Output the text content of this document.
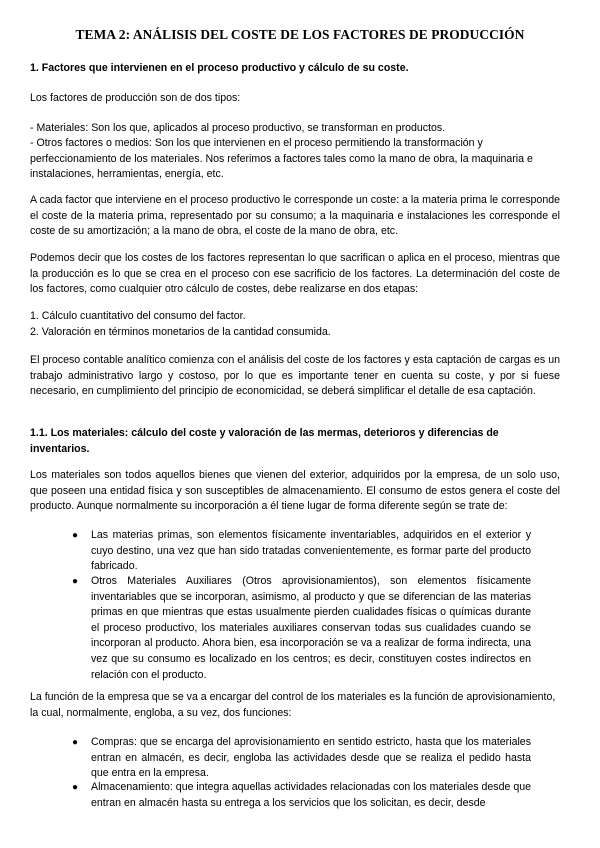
TEMA 2: ANÁLISIS DEL COSTE DE LOS FACTORES DE PRODUCCIÓN

1. Factores que intervienen en el proceso productivo y cálculo de su coste.

Los factores de producción son de dos tipos:

- Materiales: Son los que, aplicados al proceso productivo, se transforman en productos.

- Otros factores o medios: Son los que intervienen en el proceso permitiendo la transformación y perfeccionamiento de los materiales. Nos referimos a factores tales como la mano de obra, la maquinaria e instalaciones, herramientas, energía, etc.

A cada factor que interviene en el proceso productivo le corresponde un coste: a la materia prima le corresponde el coste de la materia prima, representado por su consumo; a la maquinaria e instalaciones les corresponde el coste de su amortización; a la mano de obra, el coste de la mano de obra, etc.

Podemos decir que los costes de los factores representan lo que sacrifican o aplica en el proceso, mientras que la producción es lo que se crea en el proceso con ese sacrificio de los factores. La determinación del coste de los factores, como cualquier otro cálculo de costes, debe realizarse en dos etapas:

1. Cálculo cuantitativo del consumo del factor.

2. Valoración en términos monetarios de la cantidad consumida.

El proceso contable analítico comienza con el análisis del coste de los factores y esta captación de cargas es un trabajo administrativo largo y costoso, por lo que es importante tener en cuenta su coste, y por si fuese necesario, en cumplimiento del principio de economicidad, se deberá simplificar el detalle de esa captación.

1.1. Los materiales: cálculo del coste y valoración de las mermas, deterioros y diferencias de inventarios.

Los materiales son todos aquellos bienes que vienen del exterior, adquiridos por la empresa, de un solo uso, que poseen una entidad física y son susceptibles de almacenamiento. El consumo de estos genera el coste del producto. Aunque normalmente su incorporación a él tiene lugar de forma diferente según se trate de:

● Las materias primas, son elementos físicamente inventariables, adquiridos en el exterior y cuyo destino, una vez que han sido tratadas convenientemente, es formar parte del producto fabricado.
● Otros Materiales Auxiliares (Otros aprovisionamientos), son elementos físicamente inventariables que se incorporan, asimismo, al producto y que se diferencian de las materias primas en que mientras que estas usualmente pierden cualidades físicas o químicas durante el proceso productivo, los materiales auxiliares conservan todas sus cualidades cuando se incorporan al producto. Ahora bien, esa incorporación se va a realizar de forma indirecta, una vez que su consumo es localizado en los centros; es decir, constituyen costes indirectos en relación con el producto.

La función de la empresa que se va a encargar del control de los materiales es la función de aprovisionamiento, la cual, normalmente, engloba, a su vez, dos funciones:

● Compras: que se encarga del aprovisionamiento en sentido estricto, hasta que los materiales entran en almacén, es decir, engloba las actividades desde que se realiza el pedido hasta que entra en la empresa.
● Almacenamiento: que integra aquellas actividades relacionadas con los materiales desde que entran en almacén hasta su entrega a los servicios que los solicitan, es decir, desde
